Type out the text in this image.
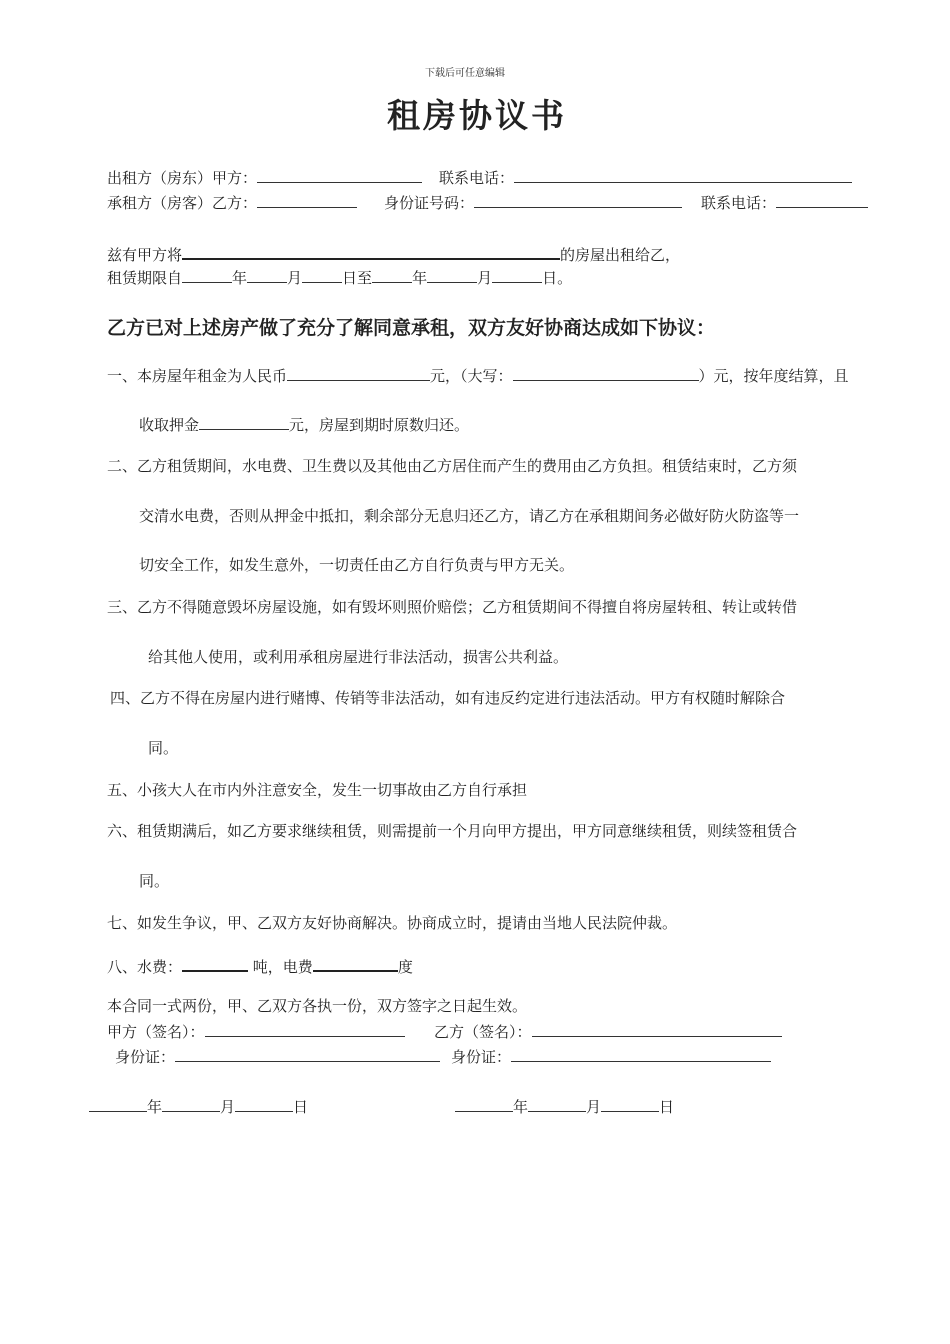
下载后可任意编辑
租房协议书
出租方（房东）甲方：	联系电话：
承租方（房客）乙方：	身份证号码：	联系电话：
兹有甲方将	的房屋出租给乙，
租赁期限自	年	月	日至	年	月	日。
乙方已对上述房产做了充分了解同意承租，双方友好协商达成如下协议：
一、本房屋年租金为人民币	元，（大写：	）元，按年度结算，且
收取押金	元，房屋到期时原数归还。
二、乙方租赁期间，水电费、卫生费以及其他由乙方居住而产生的费用由乙方负担。租赁结束时，乙方须
交清水电费，否则从押金中抵扣，剩余部分无息归还乙方，请乙方在承租期间务必做好防火防盗等一
切安全工作，如发生意外，一切责任由乙方自行负责与甲方无关。
三、乙方不得随意毁坏房屋设施，如有毁坏则照价赔偿；乙方租赁期间不得擅自将房屋转租、转让或转借
给其他人使用，或利用承租房屋进行非法活动，损害公共利益。
四、乙方不得在房屋内进行赌博、传销等非法活动，如有违反约定进行违法活动。甲方有权随时解除合
同。
五、小孩大人在市内外注意安全，发生一切事故由乙方自行承担
六、租赁期满后，如乙方要求继续租赁，则需提前一个月向甲方提出，甲方同意继续租赁，则续签租赁合
同。
七、如发生争议，甲、乙双方友好协商解决。协商成立时，提请由当地人民法院仲裁。
八、水费：	吨，电费	度
本合同一式两份，甲、乙双方各执一份，双方签字之日起生效。
甲方（签名）：	乙方（签名）：
身份证：	身份证：
年	月	日	年	月	日
